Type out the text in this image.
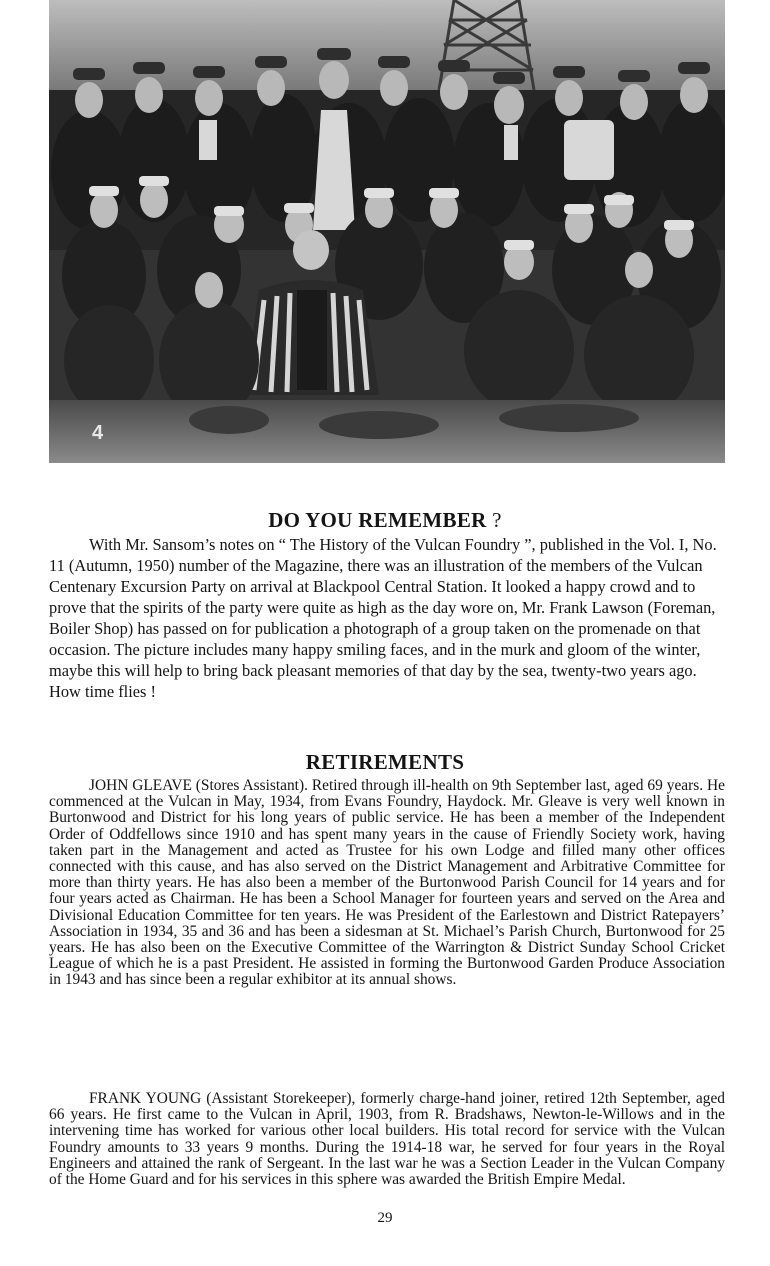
4
DO YOU REMEMBER ?

With Mr. Sansom’s notes on “ The History of the Vulcan Foundry ”, published in the Vol. I, No. 11 (Autumn, 1950) number of the Magazine, there was an illustration of the members of the Vulcan Centenary Excursion Party on arrival at Blackpool Central Station. It looked a happy crowd and to prove that the spirits of the party were quite as high as the day wore on, Mr. Frank Lawson (Foreman, Boiler Shop) has passed on for publication a photograph of a group taken on the promenade on that occasion. The picture includes many happy smiling faces, and in the murk and gloom of the winter, maybe this will help to bring back pleasant memories of that day by the sea, twenty-two years ago. How time flies !

RETIREMENTS

JOHN GLEAVE (Stores Assistant). Retired through ill-health on 9th September last, aged 69 years. He commenced at the Vulcan in May, 1934, from Evans Foundry, Haydock. Mr. Gleave is very well known in Burtonwood and District for his long years of public service. He has been a member of the Independent Order of Oddfellows since 1910 and has spent many years in the cause of Friendly Society work, having taken part in the Management and acted as Trustee for his own Lodge and filled many other offices connected with this cause, and has also served on the District Management and Arbitrative Committee for more than thirty years. He has also been a member of the Burtonwood Parish Council for 14 years and for four years acted as Chairman. He has been a School Manager for fourteen years and served on the Area and Divisional Education Committee for ten years. He was President of the Earlestown and District Ratepayers’ Association in 1934, 35 and 36 and has been a sidesman at St. Michael’s Parish Church, Burtonwood for 25 years. He has also been on the Executive Committee of the Warrington & District Sunday School Cricket League of which he is a past President. He assisted in forming the Burtonwood Garden Produce Association in 1943 and has since been a regular exhibitor at its annual shows.

FRANK YOUNG (Assistant Storekeeper), formerly charge-hand joiner, retired 12th September, aged 66 years. He first came to the Vulcan in April, 1903, from R. Bradshaws, Newton-le-Willows and in the intervening time has worked for various other local builders. His total record for service with the Vulcan Foundry amounts to 33 years 9 months. During the 1914-18 war, he served for four years in the Royal Engineers and attained the rank of Sergeant. In the last war he was a Section Leader in the Vulcan Company of the Home Guard and for his services in this sphere was awarded the British Empire Medal.

29
